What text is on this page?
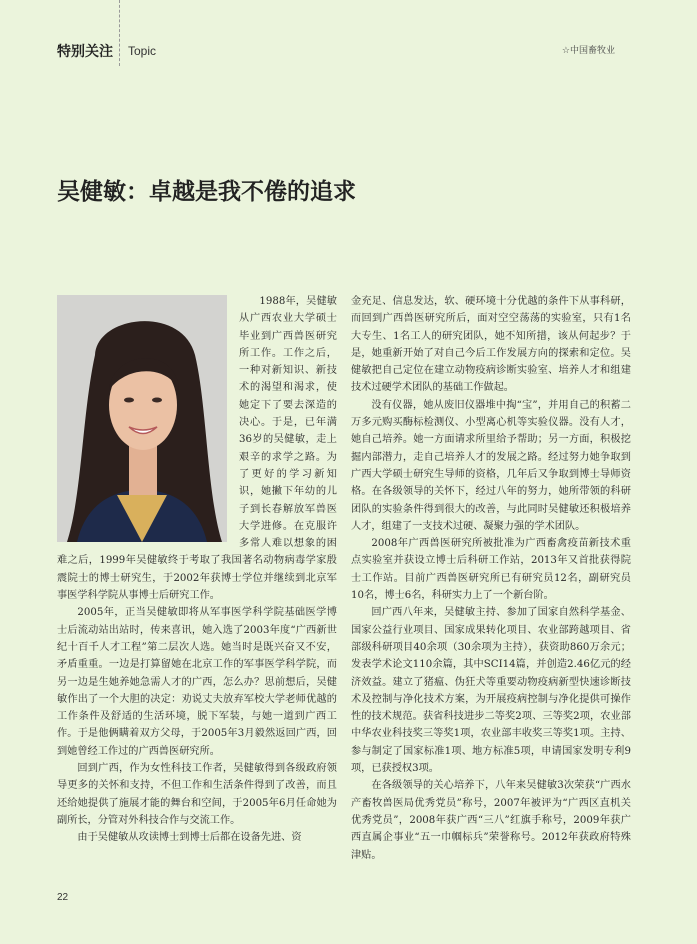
特别关注 Topic	☆中国畜牧业
吴健敏：卓越是我不倦的追求

1988年，吴健敏从广西农业大学硕士毕业到广西兽医研究所工作。工作之后，一种对新知识、新技术的渴望和渴求，使她定下了要去深造的决心。于是，已年满36岁的吴健敏，走上艰辛的求学之路。为了更好的学习新知识，她撇下年幼的儿子到长春解放军兽医大学进修。在克服许多常人难以想象的困难之后，1999年吴健敏终于考取了我国著名动物病毒学家殷震院士的博士研究生，于2002年获博士学位并继续到北京军事医学科学院从事博士后研究工作。

2005年，正当吴健敏即将从军事医学科学院基础医学博士后流动站出站时，传来喜讯，她入选了2003年度“广西新世纪十百千人才工程”第二层次人选。她当时是既兴奋又不安，矛盾重重。一边是打算留她在北京工作的军事医学科学院，而另一边是生她养她急需人才的广西，怎么办？思前想后，吴健敏作出了一个大胆的决定：劝说丈夫放弃军校大学老师优越的工作条件及舒适的生活环境，脱下军装，与她一道到广西工作。于是他俩瞒着双方父母，于2005年3月毅然返回广西，回到她曾经工作过的广西兽医研究所。

回到广西，作为女性科技工作者，吴健敏得到各级政府领导更多的关怀和支持，不但工作和生活条件得到了改善，而且还给她提供了施展才能的舞台和空间，于2005年6月任命她为副所长，分管对外科技合作与交流工作。

由于吴健敏从攻读博士到博士后都在设备先进、资

金充足、信息发达，软、硬环境十分优越的条件下从事科研，而回到广西兽医研究所后，面对空空荡荡的实验室，只有1名大专生、1名工人的研究团队，她不知所措，该从何起步？于是，她重新开始了对自己今后工作发展方向的探索和定位。吴健敏把自己定位在建立动物疫病诊断实验室、培养人才和组建技术过硬学术团队的基础工作做起。

没有仪器，她从废旧仪器堆中掏“宝”，并用自己的积蓄二万多元购买酶标检测仪、小型离心机等实验仪器。没有人才，她自己培养。她一方面请求所里给予帮助；另一方面，积极挖掘内部潜力，走自己培养人才的发展之路。经过努力她争取到广西大学硕士研究生导师的资格，几年后又争取到博士导师资格。在各级领导的关怀下，经过八年的努力，她所带领的科研团队的实验条件得到很大的改善，与此同时吴健敏还积极培养人才，组建了一支技术过硬、凝聚力强的学术团队。

2008年广西兽医研究所被批准为广西畜禽疫苗新技术重点实验室并获设立博士后科研工作站，2013年又首批获得院士工作站。目前广西兽医研究所已有研究员12名，副研究员10名，博士6名，科研实力上了一个新台阶。

回广西八年来，吴健敏主持、参加了国家自然科学基金、国家公益行业项目、国家成果转化项目、农业部跨越项目、省部级科研项目40余项（30余项为主持），获资助860万余元；发表学术论文110余篇，其中SCI14篇，并创造2.46亿元的经济效益。建立了猪瘟、伪狂犬等重要动物疫病新型快速诊断技术及控制与净化技术方案，为开展疫病控制与净化提供可操作性的技术规范。获省科技进步二等奖2项、三等奖2项，农业部中华农业科技奖三等奖1项，农业部丰收奖三等奖1项。主持、参与制定了国家标准1项、地方标准5项，申请国家发明专利9项，已获授权3项。

在各级领导的关心培养下，八年来吴健敏3次荣获“广西水产畜牧兽医局优秀党员”称号，2007年被评为“广西区直机关优秀党员”，2008年获广西“三八”红旗手称号，2009年获广西直属企事业“五一巾帼标兵”荣誉称号。2012年获政府特殊津贴。

22
